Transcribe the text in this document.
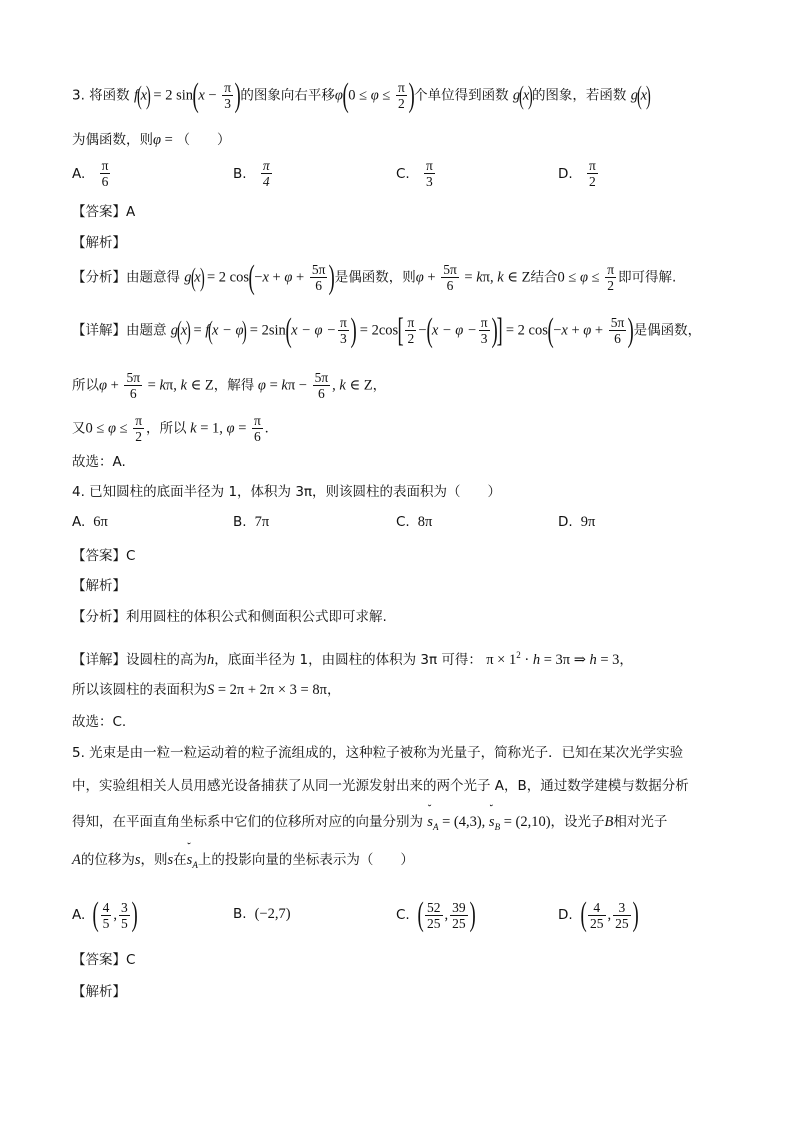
3. 将函数 f(x) = 2 $\sin(x - \frac{\pi}{3}$ )的图象向右平移$\varphi(0 \le \varphi \le \frac{\pi}{2}$ )个单位得到函数 g(x)的图象，若函数 g(x)
为偶函数，则φ = （　　）
A. $\frac{\pi}{6}$	B. $\frac{\pi}{4}$	C. $\frac{\pi}{3}$	D. $\frac{\pi}{2}$
【答案】A
【解析】
【分析】由题意得 g(x) = 2 $\cos(-x + \varphi + \frac{5\pi}{6}$ )是偶函数，则$\varphi + \frac{5\pi}{6} = k\pi$, k ∈ Z结合$0 \le \varphi \le \frac{\pi}{2}$ 即可得解.
【详解】由题意 $g(x) = f(x - \varphi) = 2\sin(x - \varphi - \frac{\pi}{3}$ ) = $2\cos[ \frac{\pi}{2} -(x - \varphi - \frac{\pi}{3}$ )] = 2 $\cos(-x + \varphi + \frac{5\pi}{6}$ )是偶函数，
所以$\varphi + \frac{5\pi}{6} = k\pi$, k ∈ Z，解得 $\varphi = k\pi - \frac{5\pi}{6}$ , k ∈ Z，
又$0 \le \varphi \le \frac{\pi}{2}$ ，所以 k = 1, $\varphi = \frac{\pi}{6}$ .
故选：A.
4. 已知圆柱的底面半径为 1，体积为 3π，则该圆柱的表面积为（　　）
A. 6π	B. 7π	C. 8π	D. 9π
【答案】C
【解析】
【分析】利用圆柱的体积公式和侧面积公式即可求解.
【详解】设圆柱的高为h，底面半径为 1，由圆柱的体积为 3π 可得： $\pi \times 1^2 \cdot h = 3\pi$ ⇒ h = 3，
所以该圆柱的表面积为S = 2π + 2π × 3 = 8π，
故选：C.
5. 光束是由一粒一粒运动着的粒子流组成的，这种粒子被称为光量子，简称光子．已知在某次光学实验
中，实验组相关人员用感光设备捕获了从同一光源发射出来的两个光子 A，B，通过数学建模与数据分析
得知，在平面直角坐标系中它们的位移所对应的向量分别为 ̆̆ $s_A = (4,3)$, ̆̆ $s_B = (2,10)$，设光子B相对光子
A的位移为s，则s在̆̆ $s_A$上的投影向量的坐标表示为（　　）
A. ( $\frac{4}{5}$ , $\frac{3}{5}$ )	B. (−2,7)	C. ( $\frac{52}{25}$ , $\frac{39}{25}$ )	D. ( $\frac{4}{25}$ , $\frac{3}{25}$ )
【答案】C
【解析】
